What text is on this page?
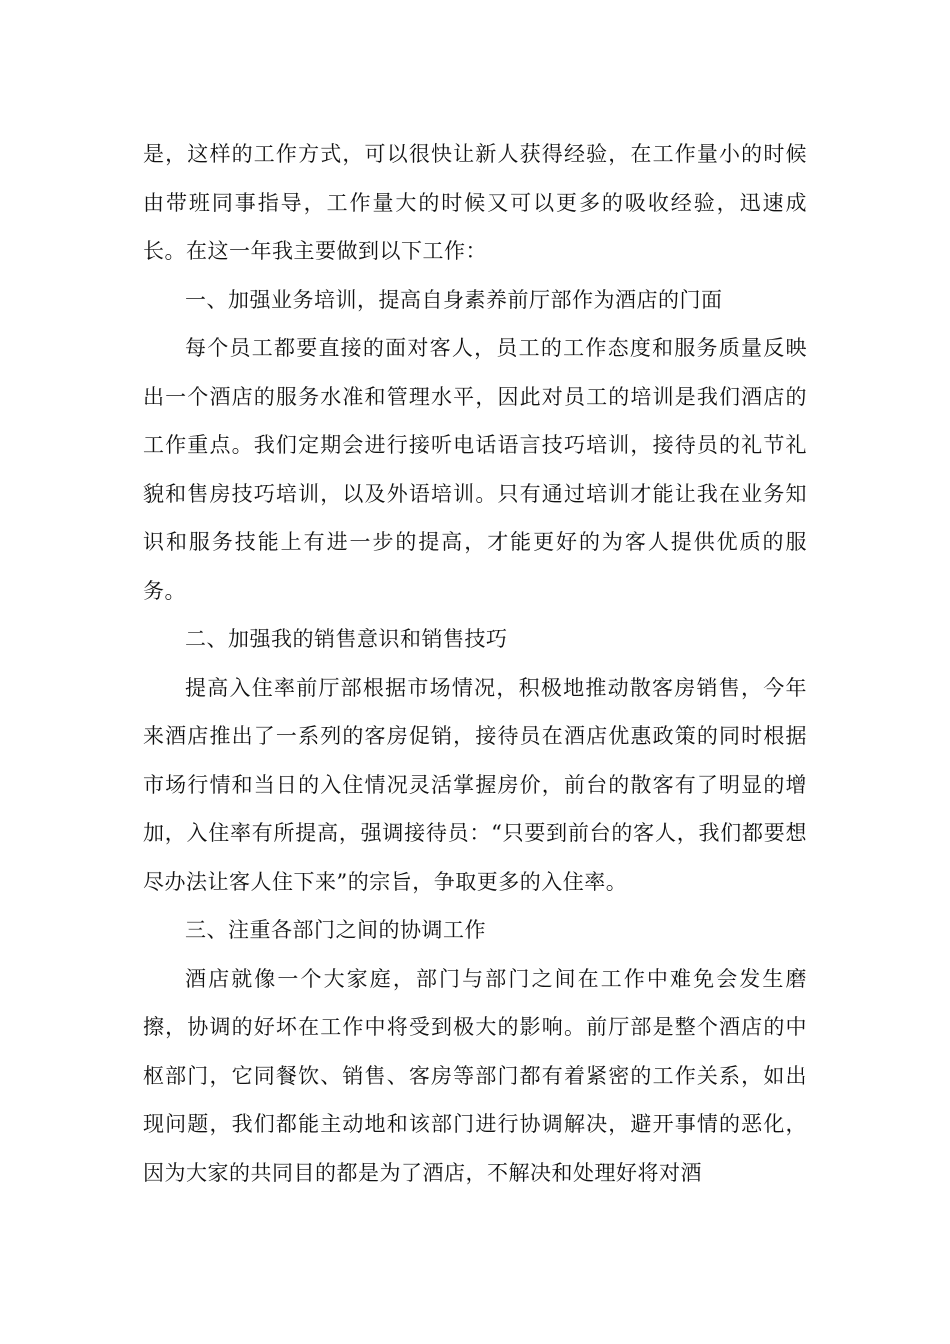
是，这样的工作方式，可以很快让新人获得经验，在工作量小的时候由带班同事指导，工作量大的时候又可以更多的吸收经验，迅速成长。在这一年我主要做到以下工作：

一、加强业务培训，提高自身素养前厅部作为酒店的门面

每个员工都要直接的面对客人，员工的工作态度和服务质量反映出一个酒店的服务水准和管理水平，因此对员工的培训是我们酒店的工作重点。我们定期会进行接听电话语言技巧培训，接待员的礼节礼貌和售房技巧培训，以及外语培训。只有通过培训才能让我在业务知识和服务技能上有进一步的提高，才能更好的为客人提供优质的服务。

二、加强我的销售意识和销售技巧

提高入住率前厅部根据市场情况，积极地推动散客房销售，今年来酒店推出了一系列的客房促销，接待员在酒店优惠政策的同时根据市场行情和当日的入住情况灵活掌握房价，前台的散客有了明显的增加，入住率有所提高，强调接待员：“只要到前台的客人，我们都要想尽办法让客人住下来”的宗旨，争取更多的入住率。

三、注重各部门之间的协调工作

酒店就像一个大家庭，部门与部门之间在工作中难免会发生磨擦，协调的好坏在工作中将受到极大的影响。前厅部是整个酒店的中枢部门，它同餐饮、销售、客房等部门都有着紧密的工作关系，如出现问题，我们都能主动地和该部门进行协调解决，避开事情的恶化，因为大家的共同目的都是为了酒店，不解决和处理好将对酒
